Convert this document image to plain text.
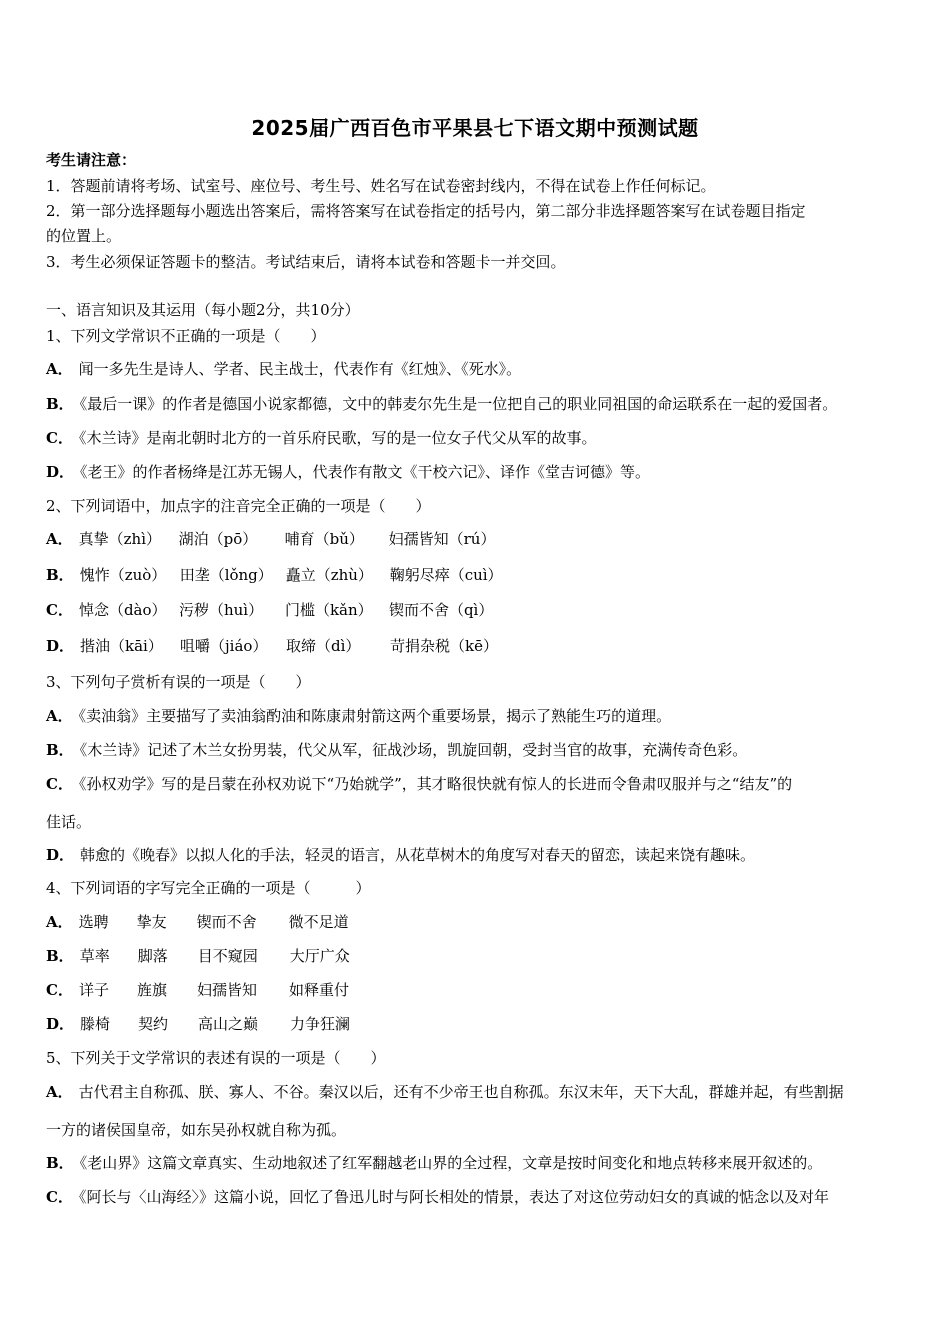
2025届广西百色市平果县七下语文期中预测试题
考生请注意：
1．答题前请将考场、试室号、座位号、考生号、姓名写在试卷密封线内，不得在试卷上作任何标记。
2．第一部分选择题每小题选出答案后，需将答案写在试卷指定的括号内，第二部分非选择题答案写在试卷题目指定
的位置上。
3．考生必须保证答题卡的整洁。考试结束后，请将本试卷和答题卡一并交回。
一、语言知识及其运用（每小题2分，共10分）
1、下列文学常识不正确的一项是（　　）
A． 闻一多先生是诗人、学者、民主战士，代表作有《红烛》、《死水》。
B． 《最后一课》的作者是德国小说家都德，文中的韩麦尔先生是一位把自己的职业同祖国的命运联系在一起的爱国者。
C． 《木兰诗》是南北朝时北方的一首乐府民歌，写的是一位女子代父从军的故事。
D． 《老王》的作者杨绛是江苏无锡人，代表作有散文《干校六记》、译作《堂吉诃德》等。
2、下列词语中，加点字的注音完全正确的一项是（　　）
A． 真挚（zhì） 湖泊（pō） 哺育（bǔ） 妇孺皆知（rú）
B． 愧怍（zuò） 田垄（lǒng） 矗立（zhù） 鞠躬尽瘁（cuì）
C． 悼念（dào） 污秽（huì） 门槛（kǎn） 锲而不舍（qì）
D． 揩油（kāi） 咀嚼（jiáo） 取缔（dì） 苛捐杂税（kē）
3、下列句子赏析有误的一项是（　　）
A． 《卖油翁》主要描写了卖油翁酌油和陈康肃射箭这两个重要场景，揭示了熟能生巧的道理。
B． 《木兰诗》记述了木兰女扮男装，代父从军，征战沙场，凯旋回朝，受封当官的故事，充满传奇色彩。
C． 《孙权劝学》写的是吕蒙在孙权劝说下“乃始就学”，其才略很快就有惊人的长进而令鲁肃叹服并与之“结友”的
佳话。
D． 韩愈的《晚春》以拟人化的手法，轻灵的语言，从花草树木的角度写对春天的留恋，读起来饶有趣味。
4、下列词语的字写完全正确的一项是（　　　）
A． 选聘 挚友 锲而不舍 微不足道
B． 草率 脚落 目不窥园 大厅广众
C． 详子 旌旗 妇孺皆知 如释重付
D． 滕椅 契约 高山之巅 力争狂澜
5、下列关于文学常识的表述有误的一项是（　　）
A． 古代君主自称孤、朕、寡人、不谷。秦汉以后，还有不少帝王也自称孤。东汉末年，天下大乱，群雄并起，有些割据
一方的诸侯国皇帝，如东吴孙权就自称为孤。
B． 《老山界》这篇文章真实、生动地叙述了红军翻越老山界的全过程，文章是按时间变化和地点转移来展开叙述的。
C． 《阿长与〈山海经〉》这篇小说，回忆了鲁迅儿时与阿长相处的情景，表达了对这位劳动妇女的真诚的惦念以及对年
